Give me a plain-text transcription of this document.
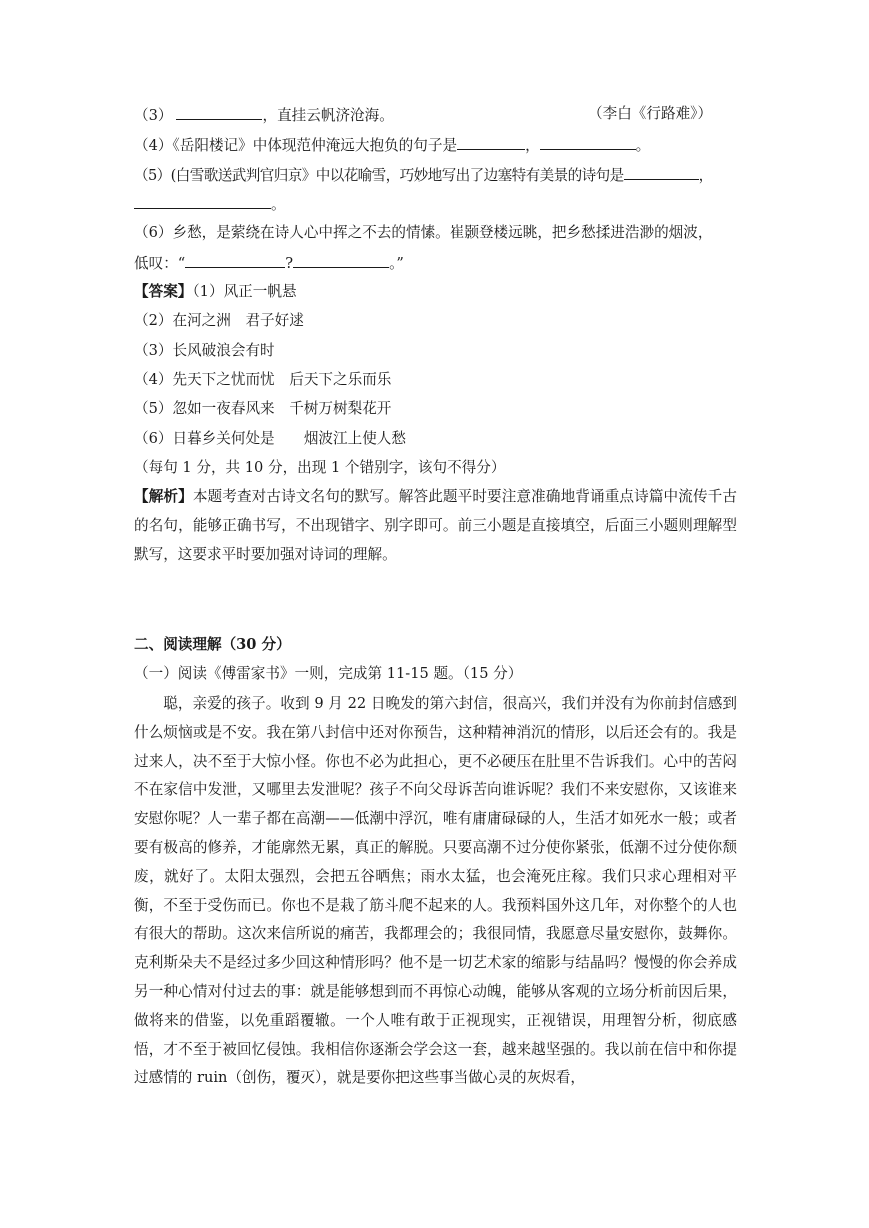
（3）	，直挂云帆济沧海。	（李白《行路难》）
（4）《岳阳楼记》中体现范仲淹远大抱负的句子是	，	。
（5）(白雪歌送武判官归京》中以花喻雪，巧妙地写出了边塞特有美景的诗句是	，
。
（6）乡愁，是萦绕在诗人心中挥之不去的情愫。崔颢登楼远眺，把乡愁揉进浩渺的烟波，
低叹：“	?	。”
【答案】（1）风正一帆悬
（2）在河之洲　君子好逑
（3）长风破浪会有时
（4）先天下之忧而忧　后天下之乐而乐
（5）忽如一夜春风来　千树万树梨花开
（6）日暮乡关何处是　　烟波江上使人愁
（每句 1 分，共 10 分，出现 1 个错别字，该句不得分）

【解析】本题考查对古诗文名句的默写。解答此题平时要注意准确地背诵重点诗篇中流传千古的名句，能够正确书写，不出现错字、别字即可。前三小题是直接填空，后面三小题则理解型默写，这要求平时要加强对诗词的理解。

二、阅读理解（30 分）
（一）阅读《傅雷家书》一则，完成第 11-15 题。（15 分）

聪，亲爱的孩子。收到 9 月 22 日晚发的第六封信，很高兴，我们并没有为你前封信感到什么烦恼或是不安。我在第八封信中还对你预告，这种精神消沉的情形，以后还会有的。我是过来人，决不至于大惊小怪。你也不必为此担心，更不必硬压在肚里不告诉我们。心中的苦闷不在家信中发泄，又哪里去发泄呢？孩子不向父母诉苦向谁诉呢？我们不来安慰你，又该谁来安慰你呢？人一辈子都在高潮——低潮中浮沉，唯有庸庸碌碌的人，生活才如死水一般；或者要有极高的修养，才能廓然无累，真正的解脱。只要高潮不过分使你紧张，低潮不过分使你颓废，就好了。太阳太强烈，会把五谷晒焦；雨水太猛，也会淹死庄稼。我们只求心理相对平衡，不至于受伤而已。你也不是栽了筋斗爬不起来的人。我预料国外这几年，对你整个的人也有很大的帮助。这次来信所说的痛苦，我都理会的；我很同情，我愿意尽量安慰你，鼓舞你。克利斯朵夫不是经过多少回这种情形吗？他不是一切艺术家的缩影与结晶吗？慢慢的你会养成另一种心情对付过去的事：就是能够想到而不再惊心动魄，能够从客观的立场分析前因后果，做将来的借鉴，以免重蹈覆辙。一个人唯有敢于正视现实，正视错误，用理智分析，彻底感悟，才不至于被回忆侵蚀。我相信你逐渐会学会这一套，越来越坚强的。我以前在信中和你提过感情的 ruin（创伤，覆灭），就是要你把这些事当做心灵的灰烬看，
